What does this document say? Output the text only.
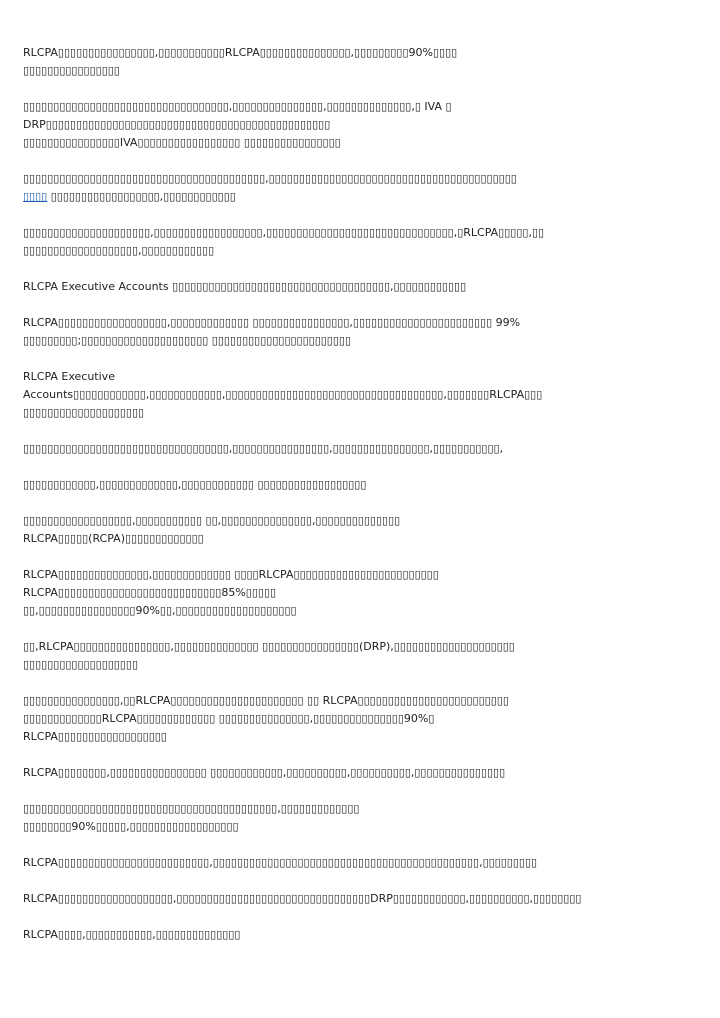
RLCPA▯▯▯▯▯▯▯▯▯▯▯▯▯▯▯▯,▯▯▯▯▯▯▯▯▯▯▯RLCPA▯▯▯▯▯▯▯▯▯▯▯▯▯▯▯,▯▯▯▯▯▯▯▯▯90%▯▯▯▯
▯▯▯▯▯▯▯▯▯▯▯▯▯▯▯▯

▯▯▯▯▯▯▯▯▯▯▯▯▯▯▯▯▯▯▯▯▯▯▯▯▯▯▯▯▯▯▯▯▯▯,▯▯▯▯▯▯▯▯▯▯▯▯▯▯▯,▯▯▯▯▯▯▯▯▯▯▯▯▯▯,▯ IVA ▯
DRP▯▯▯▯▯▯▯▯▯▯▯▯▯▯▯▯▯▯▯▯▯▯▯▯▯▯▯▯▯▯▯▯▯▯▯▯▯▯▯▯▯▯▯▯▯▯▯
▯▯▯▯▯▯▯▯▯▯▯▯▯▯▯▯IVA▯▯▯▯▯▯▯▯▯▯▯▯▯▯▯▯▯ ▯▯▯▯▯▯▯▯▯▯▯▯▯▯▯▯

▯▯▯▯▯▯▯▯▯▯▯▯▯▯▯▯▯▯▯▯▯▯▯▯▯▯▯▯▯▯▯▯▯▯▯▯▯▯▯▯,▯▯▯▯▯▯▯▯▯▯▯▯▯▯▯▯▯▯▯▯▯▯▯▯▯▯▯▯▯▯▯▯▯▯▯▯▯▯▯▯▯
▯▯▯▯ ▯▯▯▯▯▯▯▯▯▯▯▯▯▯▯▯▯▯,▯▯▯▯▯▯▯▯▯▯▯▯

▯▯▯▯▯▯▯▯▯▯▯▯▯▯▯▯▯▯▯▯▯,▯▯▯▯▯▯▯▯▯▯▯▯▯▯▯▯▯▯,▯▯▯▯▯▯▯▯▯▯▯▯▯▯▯▯▯▯▯▯▯▯▯▯▯▯▯▯▯▯▯,▯RLCPA▯▯▯▯▯,▯▯
▯▯▯▯▯▯▯▯▯▯▯▯▯▯▯▯▯▯▯,▯▯▯▯▯▯▯▯▯▯▯▯

RLCPA Executive Accounts ▯▯▯▯▯▯▯▯▯▯▯▯▯▯▯▯▯▯▯▯▯▯▯▯▯▯▯▯▯▯▯▯▯▯▯▯,▯▯▯▯▯▯▯▯▯▯▯▯

RLCPA▯▯▯▯▯▯▯▯▯▯▯▯▯▯▯▯▯▯,▯▯▯▯▯▯▯▯▯▯▯▯▯ ▯▯▯▯▯▯▯▯▯▯▯▯▯▯▯▯,▯▯▯▯▯▯▯▯▯▯▯▯▯▯▯▯▯▯▯▯▯▯▯ 99%
▯▯▯▯▯▯▯▯▯;▯▯▯▯▯▯▯▯▯▯▯▯▯▯▯▯▯▯▯▯▯ ▯▯▯▯▯▯▯▯▯▯▯▯▯▯▯▯▯▯▯▯▯▯▯

RLCPA Executive
Accounts▯▯▯▯▯▯▯▯▯▯▯▯,▯▯▯▯▯▯▯▯▯▯▯▯,▯▯▯▯▯▯▯▯▯▯▯▯▯▯▯▯▯▯▯▯▯▯▯▯▯▯▯▯▯▯▯▯▯▯▯▯,▯▯▯▯▯▯▯RLCPA▯▯▯
▯▯▯▯▯▯▯▯▯▯▯▯▯▯▯▯▯▯▯▯

▯▯▯▯▯▯▯▯▯▯▯▯▯▯▯▯▯▯▯▯▯▯▯▯▯▯▯▯▯▯▯▯▯▯,▯▯▯▯▯▯▯▯▯▯▯▯▯▯▯▯,▯▯▯▯▯▯▯▯▯▯▯▯▯▯▯▯,▯▯▯▯▯▯▯▯▯▯▯,

▯▯▯▯▯▯▯▯▯▯▯▯,▯▯▯▯▯▯▯▯▯▯▯▯▯,▯▯▯▯▯▯▯▯▯▯▯▯ ▯▯▯▯▯▯▯▯▯▯▯▯▯▯▯▯▯▯

▯▯▯▯▯▯▯▯▯▯▯▯▯▯▯▯▯▯,▯▯▯▯▯▯▯▯▯▯▯ ▯▯,▯▯▯▯▯▯▯▯▯▯▯▯▯▯▯,▯▯▯▯▯▯▯▯▯▯▯▯▯▯
RLCPA▯▯▯▯▯(RCPA)▯▯▯▯▯▯▯▯▯▯▯▯▯

RLCPA▯▯▯▯▯▯▯▯▯▯▯▯▯▯▯,▯▯▯▯▯▯▯▯▯▯▯▯▯ ▯▯▯▯RLCPA▯▯▯▯▯▯▯▯▯▯▯▯▯▯▯▯▯▯▯▯▯▯▯▯
RLCPA▯▯▯▯▯▯▯▯▯▯▯▯▯▯▯▯▯▯▯▯▯▯▯▯▯▯▯85%▯▯▯▯▯
▯▯,▯▯▯▯▯▯▯▯▯▯▯▯▯▯▯▯90%▯▯,▯▯▯▯▯▯▯▯▯▯▯▯▯▯▯▯▯▯▯▯

▯▯,RLCPA▯▯▯▯▯▯▯▯▯▯▯▯▯▯▯▯,▯▯▯▯▯▯▯▯▯▯▯▯▯▯ ▯▯▯▯▯▯▯▯▯▯▯▯▯▯▯▯(DRP),▯▯▯▯▯▯▯▯▯▯▯▯▯▯▯▯▯▯▯▯
▯▯▯▯▯▯▯▯▯▯▯▯▯▯▯▯▯▯▯

▯▯▯▯▯▯▯▯▯▯▯▯▯▯▯▯,▯▯RLCPA▯▯▯▯▯▯▯▯▯▯▯▯▯▯▯▯▯▯▯▯▯▯ ▯▯ RLCPA▯▯▯▯▯▯▯▯▯▯▯▯▯▯▯▯▯▯▯▯▯▯▯▯▯
▯▯▯▯▯▯▯▯▯▯▯▯▯RLCPA▯▯▯▯▯▯▯▯▯▯▯▯▯ ▯▯▯▯▯▯▯▯▯▯▯▯▯▯▯,▯▯▯▯▯▯▯▯▯▯▯▯▯▯▯90%▯
RLCPA▯▯▯▯▯▯▯▯▯▯▯▯▯▯▯▯▯▯

RLCPA▯▯▯▯▯▯▯▯,▯▯▯▯▯▯▯▯▯▯▯▯▯▯▯▯ ▯▯▯▯▯▯▯▯▯▯▯▯,▯▯▯▯▯▯▯▯▯▯,▯▯▯▯▯▯▯▯▯▯,▯▯▯▯▯▯▯▯▯▯▯▯▯▯▯

▯▯▯▯▯▯▯▯▯▯▯▯▯▯▯▯▯▯▯▯▯▯▯▯▯▯▯▯▯▯▯▯▯▯▯▯▯▯▯▯▯▯,▯▯▯▯▯▯▯▯▯▯▯▯▯
▯▯▯▯▯▯▯▯90%▯▯▯▯▯,▯▯▯▯▯▯▯▯▯▯▯▯▯▯▯▯▯▯

RLCPA▯▯▯▯▯▯▯▯▯▯▯▯▯▯▯▯▯▯▯▯▯▯▯▯▯,▯▯▯▯▯▯▯▯▯▯▯▯▯▯▯▯▯▯▯▯▯▯▯▯▯▯▯▯▯▯▯▯▯▯▯▯▯▯▯▯▯▯▯▯,▯▯▯▯▯▯▯▯▯

RLCPA▯▯▯▯▯▯▯▯▯▯▯▯▯▯▯▯▯▯▯,▯▯▯▯▯▯▯▯▯▯▯▯▯▯▯▯▯▯▯▯▯▯▯▯▯▯▯▯▯▯▯▯DRP▯▯▯▯▯▯▯▯▯▯▯▯,▯▯▯▯▯▯▯▯▯▯,▯▯▯▯▯▯▯▯

RLCPA▯▯▯▯,▯▯▯▯▯▯▯▯▯▯▯,▯▯▯▯▯▯▯▯▯▯▯▯▯▯
